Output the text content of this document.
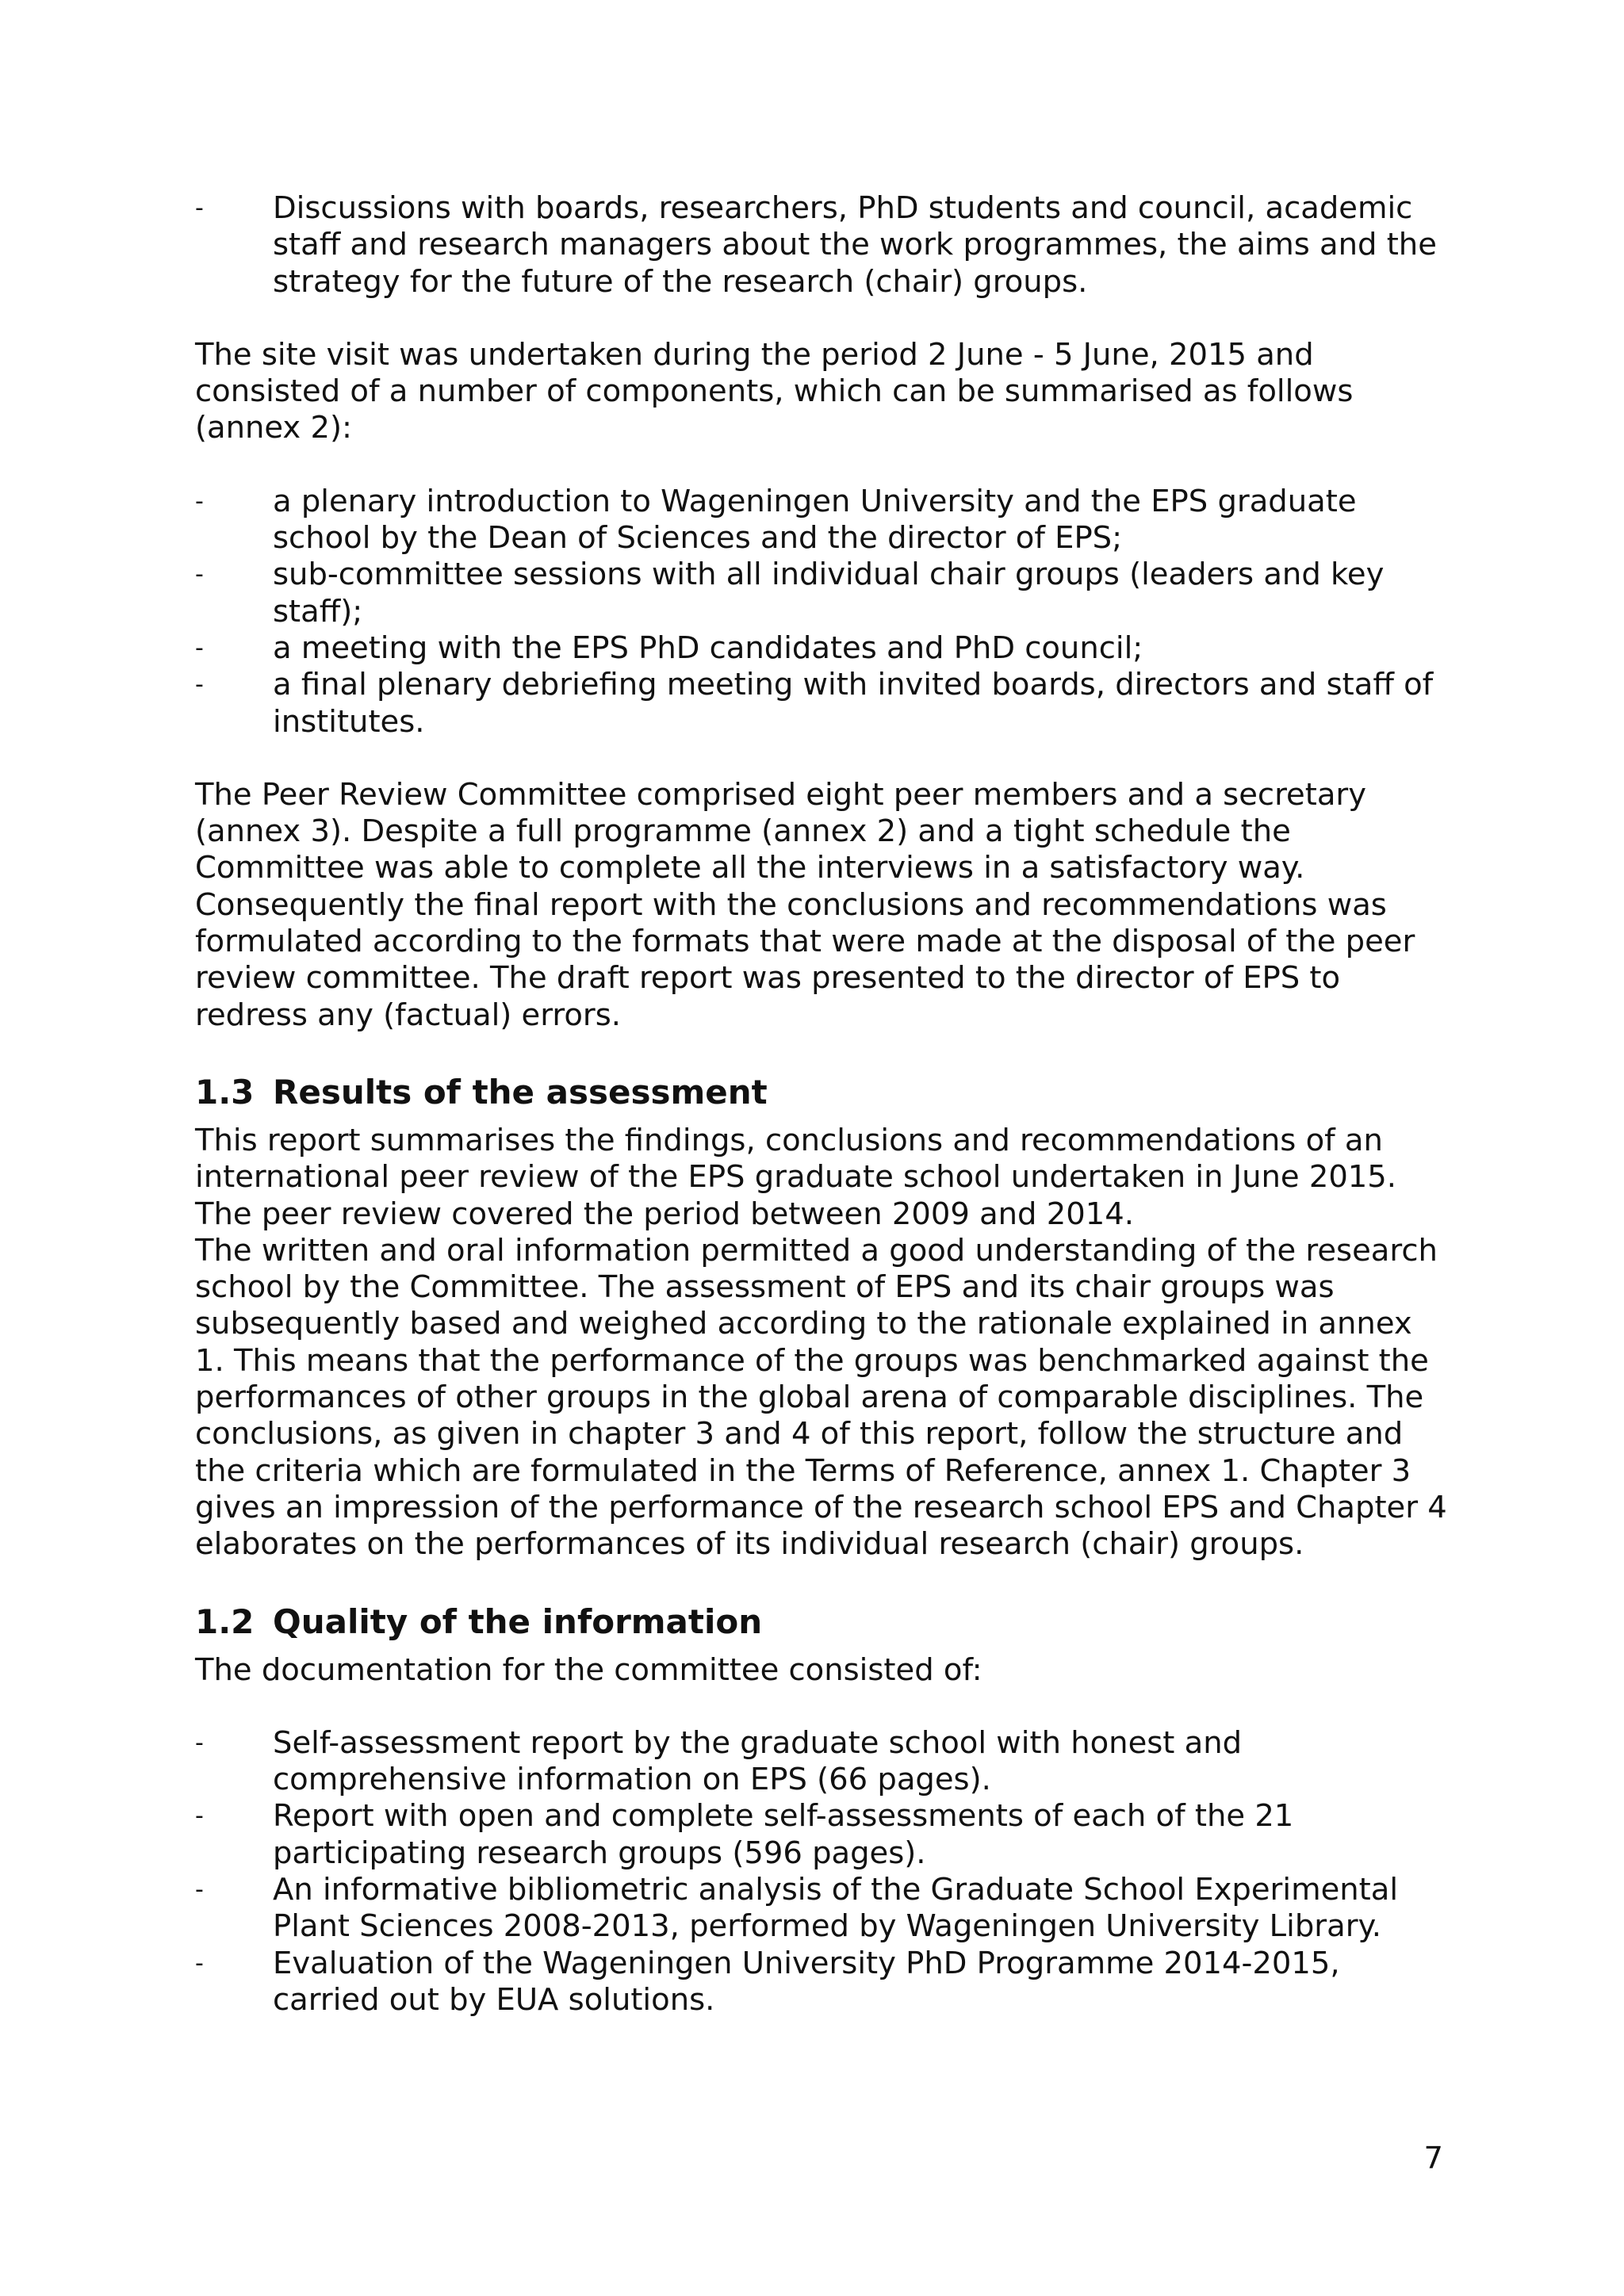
-	Discussions with boards, researchers, PhD students and council, academic staff and research managers about the work programmes, the aims and the strategy for the future of the research (chair) groups.

The site visit was undertaken during the period 2 June - 5 June, 2015 and consisted of a number of components, which can be summarised as follows (annex 2):

-	a plenary introduction to Wageningen University and the EPS graduate school by the Dean of Sciences and the director of EPS;
-	sub-committee sessions with all individual chair groups (leaders and key staff);
-	a meeting with the EPS PhD candidates and PhD council;
-	a final plenary debriefing meeting with invited boards, directors and staff of institutes.

The Peer Review Committee comprised eight peer members and a secretary (annex 3). Despite a full programme (annex 2) and a tight schedule the Committee was able to complete all the interviews in a satisfactory way. Consequently the final report with the conclusions and recommendations was formulated according to the formats that were made at the disposal of the peer review committee. The draft report was presented to the director of EPS to redress any (factual) errors.

1.3 Results of the assessment

This report summarises the findings, conclusions and recommendations of an international peer review of the EPS graduate school undertaken in June 2015. The peer review covered the period between 2009 and 2014.

The written and oral information permitted a good understanding of the research school by the Committee. The assessment of EPS and its chair groups was subsequently based and weighed according to the rationale explained in annex 1. This means that the performance of the groups was benchmarked against the performances of other groups in the global arena of comparable disciplines. The conclusions, as given in chapter 3 and 4 of this report, follow the structure and the criteria which are formulated in the Terms of Reference, annex 1. Chapter 3 gives an impression of the performance of the research school EPS and Chapter 4 elaborates on the performances of its individual research (chair) groups.

1.2 Quality of the information

The documentation for the committee consisted of:

-	Self-assessment report by the graduate school with honest and comprehensive information on EPS (66 pages).
-	Report with open and complete self-assessments of each of the 21 participating research groups (596 pages).
-	An informative bibliometric analysis of the Graduate School Experimental Plant Sciences 2008-2013, performed by Wageningen University Library.
-	Evaluation of the Wageningen University PhD Programme 2014-2015, carried out by EUA solutions.
7
